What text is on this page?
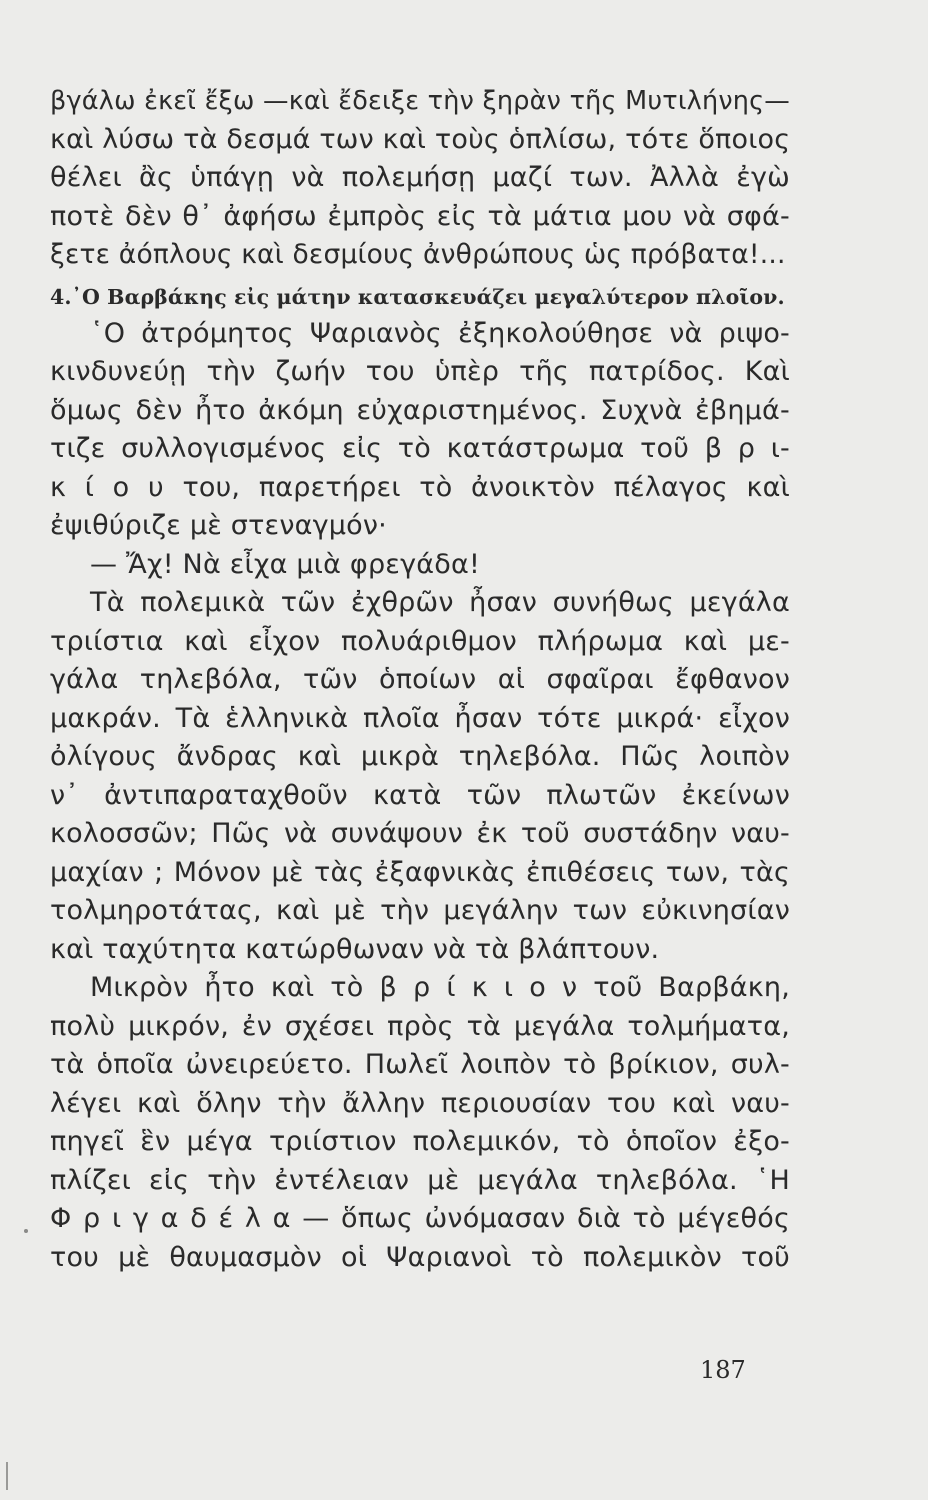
βγάλω ἐκεῖ ἔξω —καὶ ἔδειξε τὴν ξηρὰν τῆς Μυτιλήνης—
καὶ λύσω τὰ δεσμά των καὶ τοὺς ὁπλίσω, τότε ὅποιος
θέλει ἂς ὑπάγῃ νὰ πολεμήσῃ μαζί των. Ἀλλὰ ἐγὼ
ποτὲ δὲν θ᾽ ἀφήσω ἐμπρὸς εἰς τὰ μάτια μου νὰ σφά-
ξετε ἀόπλους καὶ δεσμίους ἀνθρώπους ὡς πρόβατα!...
4.᾿Ο Βαρβάκης εἰς μάτην κατασκευάζει μεγαλύτερον πλοῖον.
῾Ο ἀτρόμητος Ψαριανὸς ἐξηκολούθησε νὰ ριψο-
κινδυνεύῃ τὴν ζωήν του ὑπὲρ τῆς πατρίδος. Καὶ
ὅμως δὲν ἦτο ἀκόμη εὐχαριστημένος. Συχνὰ ἐβημά-
τιζε συλλογισμένος εἰς τὸ κατάστρωμα τοῦ β ρ ι-
κ ί ο υ του, παρετήρει τὸ ἀνοικτὸν πέλαγος καὶ
ἐψιθύριζε μὲ στεναγμόν·
— Ἄχ! Νὰ εἶχα μιὰ φρεγάδα!
Τὰ πολεμικὰ τῶν ἐχθρῶν ἦσαν συνήθως μεγάλα
τριίστια καὶ εἶχον πολυάριθμον πλήρωμα καὶ με-
γάλα τηλεβόλα, τῶν ὁποίων αἱ σφαῖραι ἔφθανον
μακράν. Τὰ ἑλληνικὰ πλοῖα ἦσαν τότε μικρά· εἶχον
ὀλίγους ἄνδρας καὶ μικρὰ τηλεβόλα. Πῶς λοιπὸν
ν᾽ ἀντιπαραταχθοῦν κατὰ τῶν πλωτῶν ἐκείνων
κολοσσῶν; Πῶς νὰ συνάψουν ἐκ τοῦ συστάδην ναυ-
μαχίαν ; Μόνον μὲ τὰς ἐξαφνικὰς ἐπιθέσεις των, τὰς
τολμηροτάτας, καὶ μὲ τὴν μεγάλην των εὐκινησίαν
καὶ ταχύτητα κατώρθωναν νὰ τὰ βλάπτουν.
Μικρὸν ἦτο καὶ τὸ β ρ ί κ ι ο ν τοῦ Βαρβάκη,
πολὺ μικρόν, ἐν σχέσει πρὸς τὰ μεγάλα τολμήματα,
τὰ ὁποῖα ὠνειρεύετο. Πωλεῖ λοιπὸν τὸ βρίκιον, συλ-
λέγει καὶ ὅλην τὴν ἄλλην περιουσίαν του καὶ ναυ-
πηγεῖ ἓν μέγα τριίστιον πολεμικόν, τὸ ὁποῖον ἐξο-
πλίζει εἰς τὴν ἐντέλειαν μὲ μεγάλα τηλεβόλα. ῾Η
Φ ρ ι γ α δ έ λ α — ὅπως ὠνόμασαν διὰ τὸ μέγεθός
του μὲ θαυμασμὸν οἱ Ψαριανοὶ τὸ πολεμικὸν τοῦ
187
